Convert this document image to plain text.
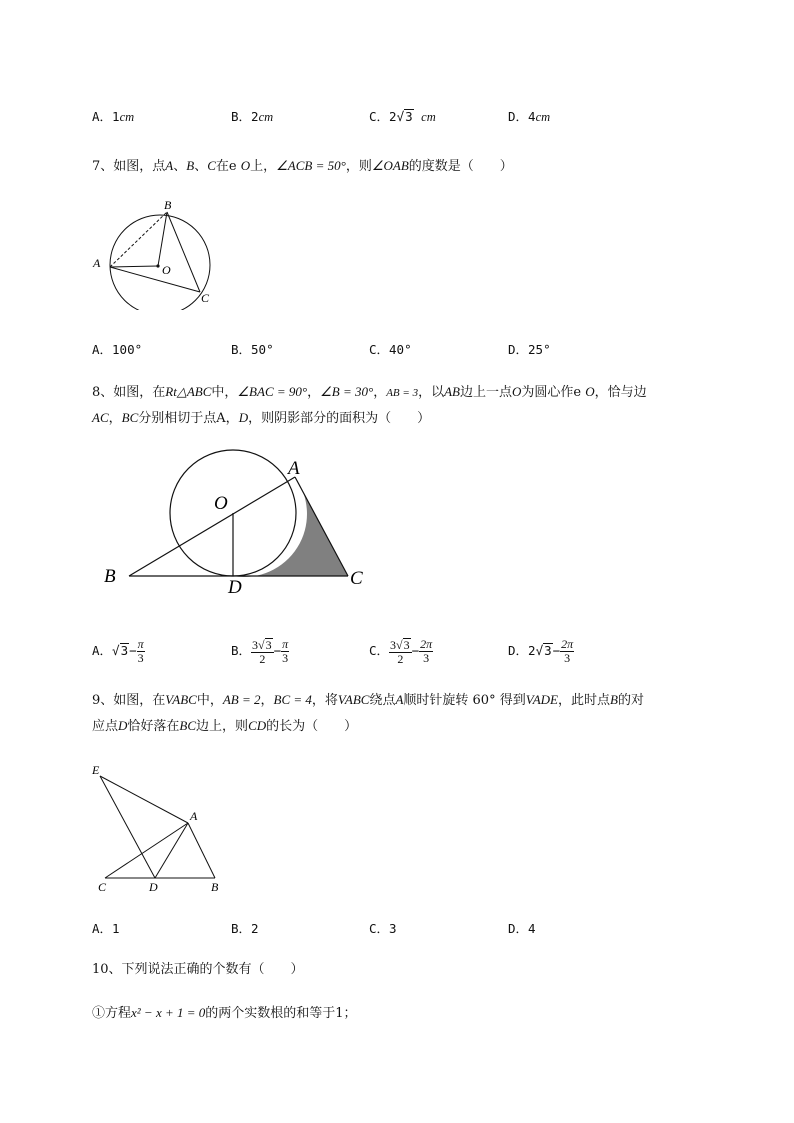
A．1cm	B．2cm	C．2√3 cm	D．4cm
7、如图，点A、B、C在e O上，∠ACB = 50°，则∠OAB的度数是（　　）
A
B
O
C
A．100°	B．50°	C．40°	D．25°
8、如图，在Rt△ABC中，∠BAC = 90°，∠B = 30°，AB = 3，以AB边上一点O为圆心作e O，恰与边
AC，BC分别相切于点A，D，则阴影部分的面积为（　　）
A
O
B
D	C
A．$√3- \frac{\pi}{3}$	B． $\frac{3√3}{2} - \frac{\pi}{3}$	C． $\frac{3√3}{2} - \frac{2\pi}{3}$	D．$2√3- \frac{2\pi}{3}$
9、如图，在VABC中，AB = 2，BC = 4，将VABC绕点A顺时针旋转 60° 得到VADE，此时点B的对
应点D恰好落在BC边上，则CD的长为（　　）
E
A
C	D	B
A．1	B．2	C．3	D．4
10、下列说法正确的个数有（　　）
①方程x² − x + 1 = 0的两个实数根的和等于1；
